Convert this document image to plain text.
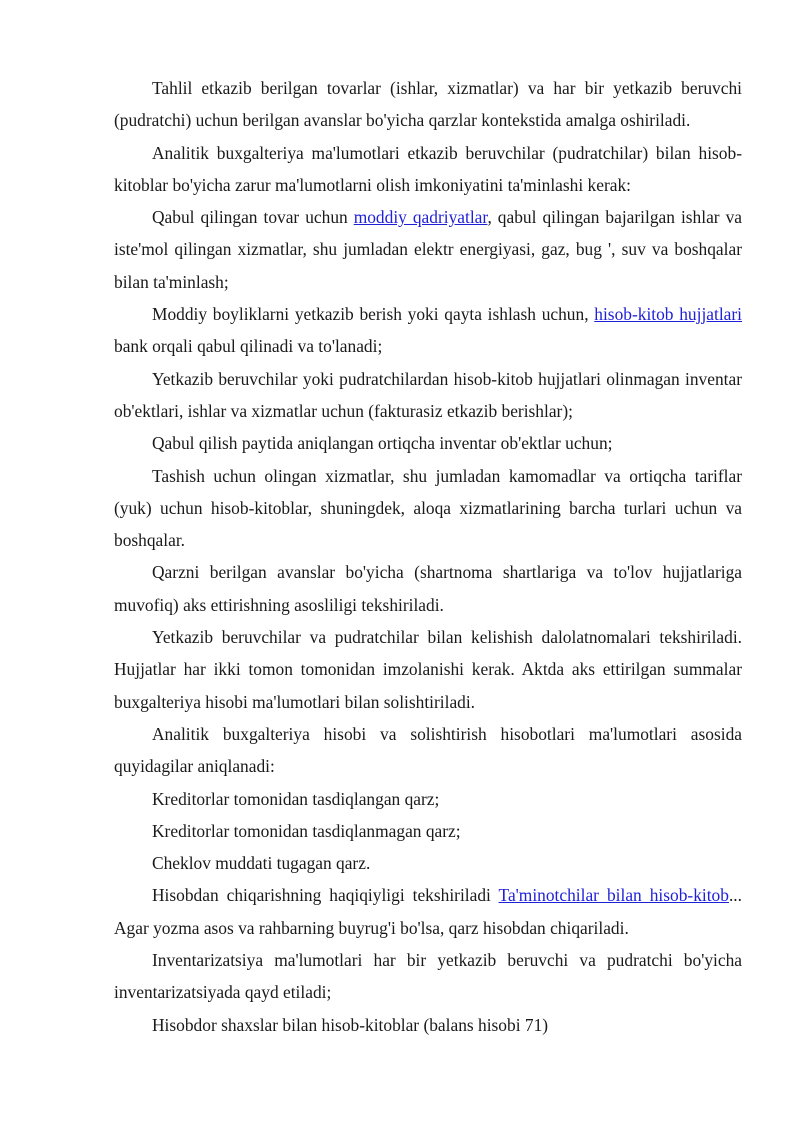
Tahlil etkazib berilgan tovarlar (ishlar, xizmatlar) va har bir yetkazib beruvchi (pudratchi) uchun berilgan avanslar bo'yicha qarzlar kontekstida amalga oshiriladi.

Analitik buxgalteriya ma'lumotlari etkazib beruvchilar (pudratchilar) bilan hisob-kitoblar bo'yicha zarur ma'lumotlarni olish imkoniyatini ta'minlashi kerak:

Qabul qilingan tovar uchun moddiy qadriyatlar, qabul qilingan bajarilgan ishlar va iste'mol qilingan xizmatlar, shu jumladan elektr energiyasi, gaz, bug ', suv va boshqalar bilan ta'minlash;

Moddiy boyliklarni yetkazib berish yoki qayta ishlash uchun, hisob-kitob hujjatlari bank orqali qabul qilinadi va to'lanadi;

Yetkazib beruvchilar yoki pudratchilardan hisob-kitob hujjatlari olinmagan inventar ob'ektlari, ishlar va xizmatlar uchun (fakturasiz etkazib berishlar);

Qabul qilish paytida aniqlangan ortiqcha inventar ob'ektlar uchun;

Tashish uchun olingan xizmatlar, shu jumladan kamomadlar va ortiqcha tariflar (yuk) uchun hisob-kitoblar, shuningdek, aloqa xizmatlarining barcha turlari uchun va boshqalar.

Qarzni berilgan avanslar bo'yicha (shartnoma shartlariga va to'lov hujjatlariga muvofiq) aks ettirishning asosliligi tekshiriladi.

Yetkazib beruvchilar va pudratchilar bilan kelishish dalolatnomalari tekshiriladi. Hujjatlar har ikki tomon tomonidan imzolanishi kerak. Aktda aks ettirilgan summalar buxgalteriya hisobi ma'lumotlari bilan solishtiriladi.

Analitik buxgalteriya hisobi va solishtirish hisobotlari ma'lumotlari asosida quyidagilar aniqlanadi:

Kreditorlar tomonidan tasdiqlangan qarz;

Kreditorlar tomonidan tasdiqlanmagan qarz;

Cheklov muddati tugagan qarz.

Hisobdan chiqarishning haqiqiyligi tekshiriladi Ta'minotchilar bilan hisob-kitob... Agar yozma asos va rahbarning buyrug'i bo'lsa, qarz hisobdan chiqariladi.

Inventarizatsiya ma'lumotlari har bir yetkazib beruvchi va pudratchi bo'yicha inventarizatsiyada qayd etiladi;

Hisobdor shaxslar bilan hisob-kitoblar (balans hisobi 71)
